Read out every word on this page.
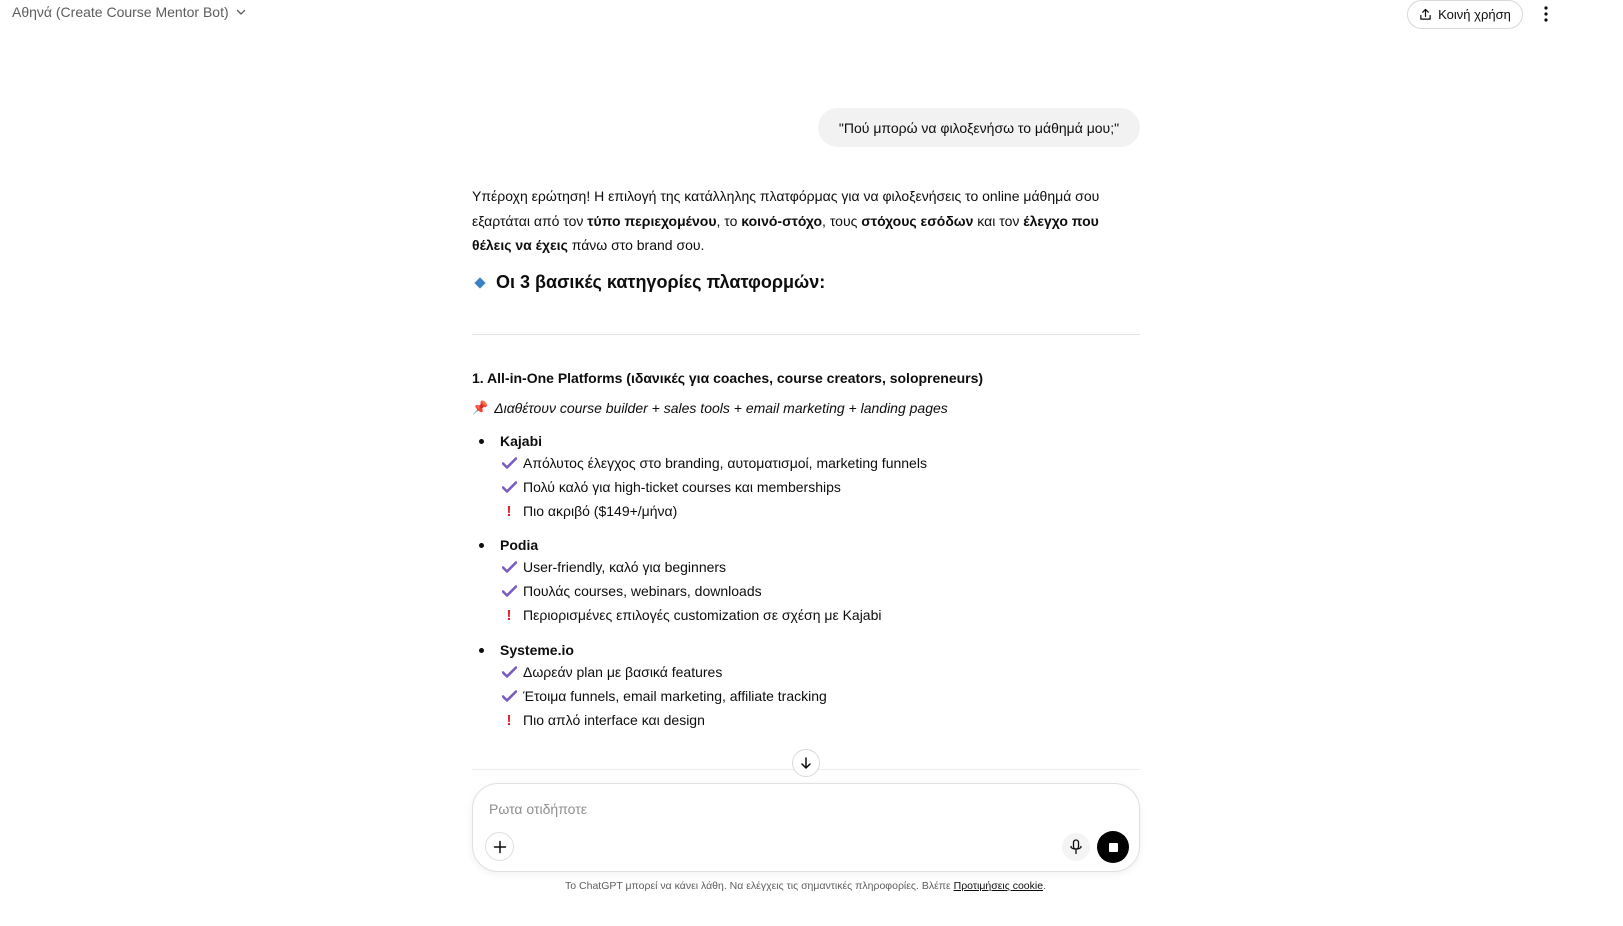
Αθηνά (Create Course Mentor Bot)	Κοινή χρήση
"Πού μπορώ να φιλοξενήσω το μάθημά μου;"
Υπέροχη ερώτηση! Η επιλογή της κατάλληλης πλατφόρμας για να φιλοξενήσεις το online μάθημά σου εξαρτάται από τον τύπο περιεχομένου, το κοινό-στόχο, τους στόχους εσόδων και τον έλεγχο που θέλεις να έχεις πάνω στο brand σου.
Οι 3 βασικές κατηγορίες πλατφορμών:
1. All-in-One Platforms (ιδανικές για coaches, course creators, solopreneurs)
📌 Διαθέτουν course builder + sales tools + email marketing + landing pages
Kajabi
Απόλυτος έλεγχος στο branding, αυτοματισμοί, marketing funnels
Πολύ καλό για high-ticket courses και memberships
! Πιο ακριβό ($149+/μήνα)
Podia
User-friendly, καλό για beginners
Πουλάς courses, webinars, downloads
! Περιορισμένες επιλογές customization σε σχέση με Kajabi
Systeme.io
Δωρεάν plan με βασικά features
Έτοιμα funnels, email marketing, affiliate tracking
! Πιο απλό interface και design
Ρωτα οτιδήποτε
Το ChatGPT μπορεί να κάνει λάθη. Να ελέγχεις τις σημαντικές πληροφορίες. Βλέπε Προτιμήσεις cookie.
